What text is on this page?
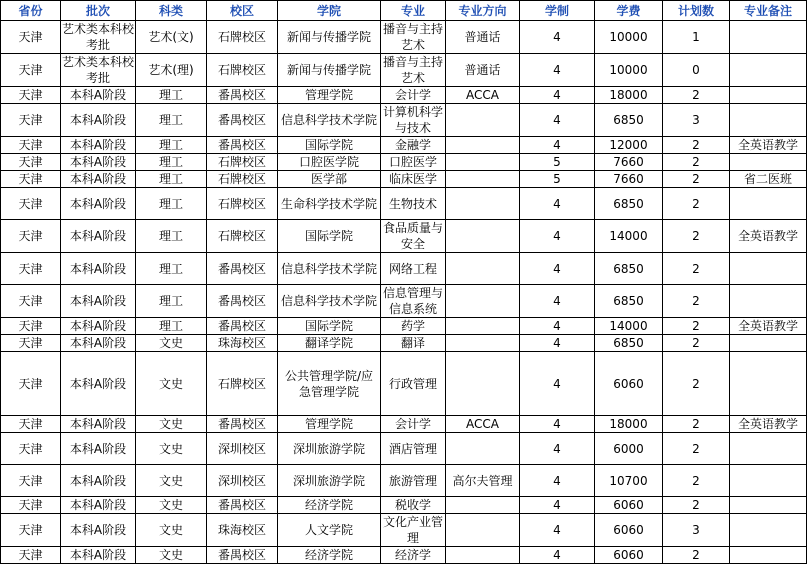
省份	批次	科类	校区	学院	专业	专业方向	学制	学费	计划数	专业备注
天津	艺术类本科校考批	艺术(文)	石牌校区	新闻与传播学院	播音与主持艺术	普通话	4	10000	1	
天津	艺术类本科校考批	艺术(理)	石牌校区	新闻与传播学院	播音与主持艺术	普通话	4	10000	0	
天津	本科A阶段	理工	番禺校区	管理学院	会计学	ACCA	4	18000	2	
天津	本科A阶段	理工	番禺校区	信息科学技术学院	计算机科学与技术		4	6850	3	
天津	本科A阶段	理工	番禺校区	国际学院	金融学		4	12000	2	全英语教学
天津	本科A阶段	理工	石牌校区	口腔医学院	口腔医学		5	7660	2	
天津	本科A阶段	理工	石牌校区	医学部	临床医学		5	7660	2	省二医班
天津	本科A阶段	理工	石牌校区	生命科学技术学院	生物技术		4	6850	2	
天津	本科A阶段	理工	石牌校区	国际学院	食品质量与安全		4	14000	2	全英语教学
天津	本科A阶段	理工	番禺校区	信息科学技术学院	网络工程		4	6850	2	
天津	本科A阶段	理工	番禺校区	信息科学技术学院	信息管理与信息系统		4	6850	2	
天津	本科A阶段	理工	番禺校区	国际学院	药学		4	14000	2	全英语教学
天津	本科A阶段	文史	珠海校区	翻译学院	翻译		4	6850	2	
天津	本科A阶段	文史	石牌校区	公共管理学院/应急管理学院	行政管理		4	6060	2	
天津	本科A阶段	文史	番禺校区	管理学院	会计学	ACCA	4	18000	2	全英语教学
天津	本科A阶段	文史	深圳校区	深圳旅游学院	酒店管理		4	6000	2	
天津	本科A阶段	文史	深圳校区	深圳旅游学院	旅游管理	高尔夫管理	4	10700	2	
天津	本科A阶段	文史	番禺校区	经济学院	税收学		4	6060	2	
天津	本科A阶段	文史	珠海校区	人文学院	文化产业管理		4	6060	3	
天津	本科A阶段	文史	番禺校区	经济学院	经济学		4	6060	2	
